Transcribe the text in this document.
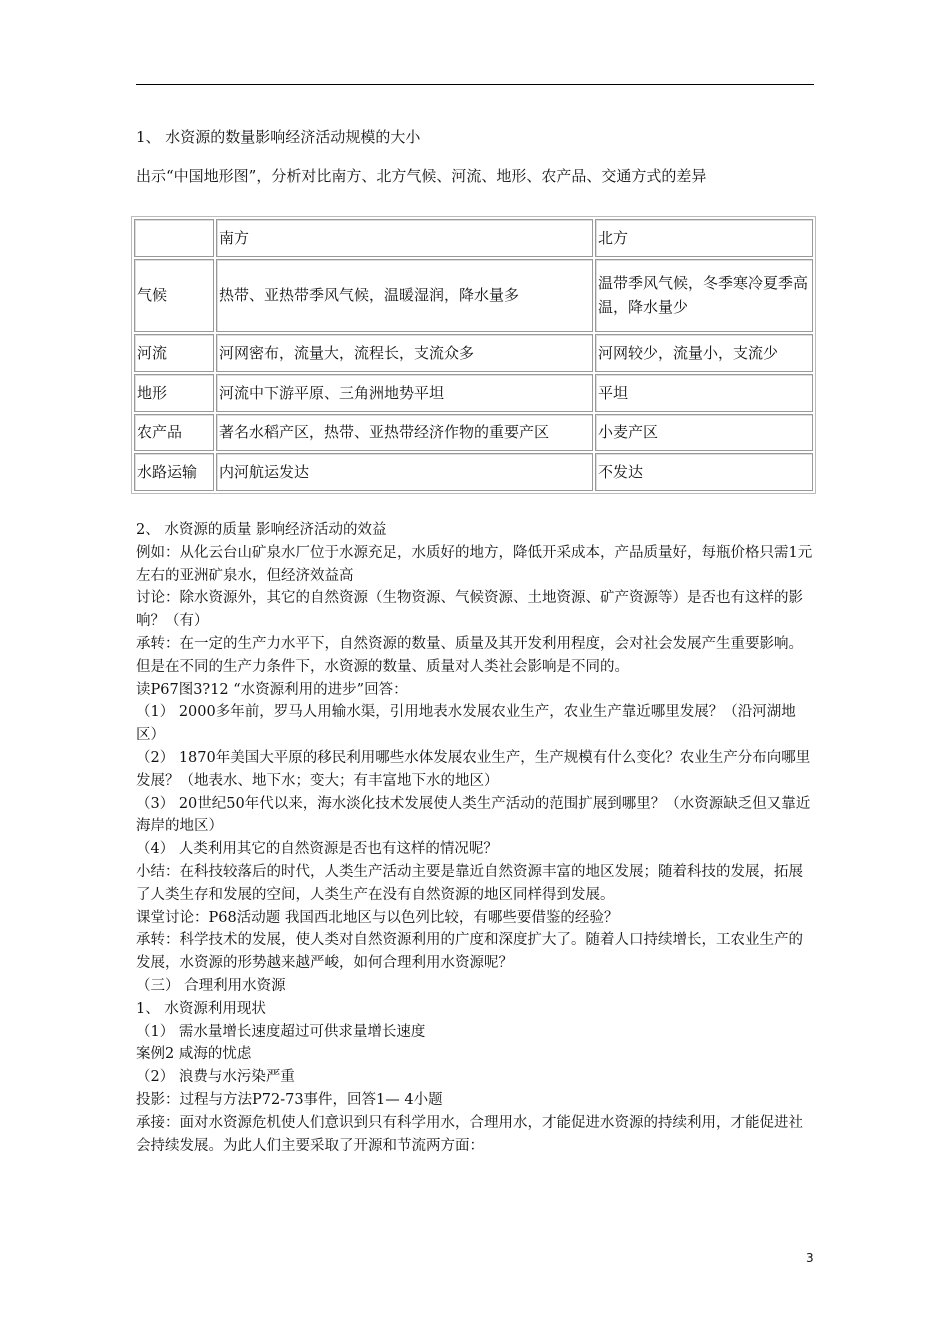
1、 水资源的数量影响经济活动规模的大小
出示“中国地形图”，分析对比南方、北方气候、河流、地形、农产品、交通方式的差异
	南方	北方
气候	热带、亚热带季风气候，温暖湿润，降水量多	温带季风气候，冬季寒冷夏季高温，降水量少
河流	河网密布，流量大，流程长，支流众多	河网较少，流量小，支流少
地形	河流中下游平原、三角洲地势平坦	平坦
农产品	著名水稻产区，热带、亚热带经济作物的重要产区	小麦产区
水路运输	内河航运发达	不发达

2、 水资源的质量 影响经济活动的效益

例如：从化云台山矿泉水厂位于水源充足，水质好的地方，降低开采成本，产品质量好，每瓶价格只需1元左右的亚洲矿泉水，但经济效益高

讨论：除水资源外，其它的自然资源（生物资源、气候资源、土地资源、矿产资源等）是否也有这样的影响？（有）

承转：在一定的生产力水平下，自然资源的数量、质量及其开发利用程度，会对社会发展产生重要影响。但是在不同的生产力条件下，水资源的数量、质量对人类社会影响是不同的。

读P67图3?12 “水资源利用的进步”回答：

（1） 2000多年前，罗马人用输水渠，引用地表水发展农业生产，农业生产靠近哪里发展？（沿河湖地区）

（2） 1870年美国大平原的移民利用哪些水体发展农业生产，生产规模有什么变化？农业生产分布向哪里发展？（地表水、地下水；变大；有丰富地下水的地区）

（3） 20世纪50年代以来，海水淡化技术发展使人类生产活动的范围扩展到哪里？（水资源缺乏但又靠近海岸的地区）

（4） 人类利用其它的自然资源是否也有这样的情况呢？

小结：在科技较落后的时代，人类生产活动主要是靠近自然资源丰富的地区发展；随着科技的发展，拓展了人类生存和发展的空间，人类生产在没有自然资源的地区同样得到发展。

课堂讨论：P68活动题 我国西北地区与以色列比较，有哪些要借鉴的经验？

承转：科学技术的发展，使人类对自然资源利用的广度和深度扩大了。随着人口持续增长，工农业生产的发展，水资源的形势越来越严峻，如何合理利用水资源呢？

（三） 合理利用水资源

1、 水资源利用现状

（1） 需水量增长速度超过可供求量增长速度

案例2 咸海的忧虑

（2） 浪费与水污染严重

投影：过程与方法P72-73事件，回答1— 4小题

承接：面对水资源危机使人们意识到只有科学用水，合理用水，才能促进水资源的持续利用，才能促进社会持续发展。为此人们主要采取了开源和节流两方面：

3
